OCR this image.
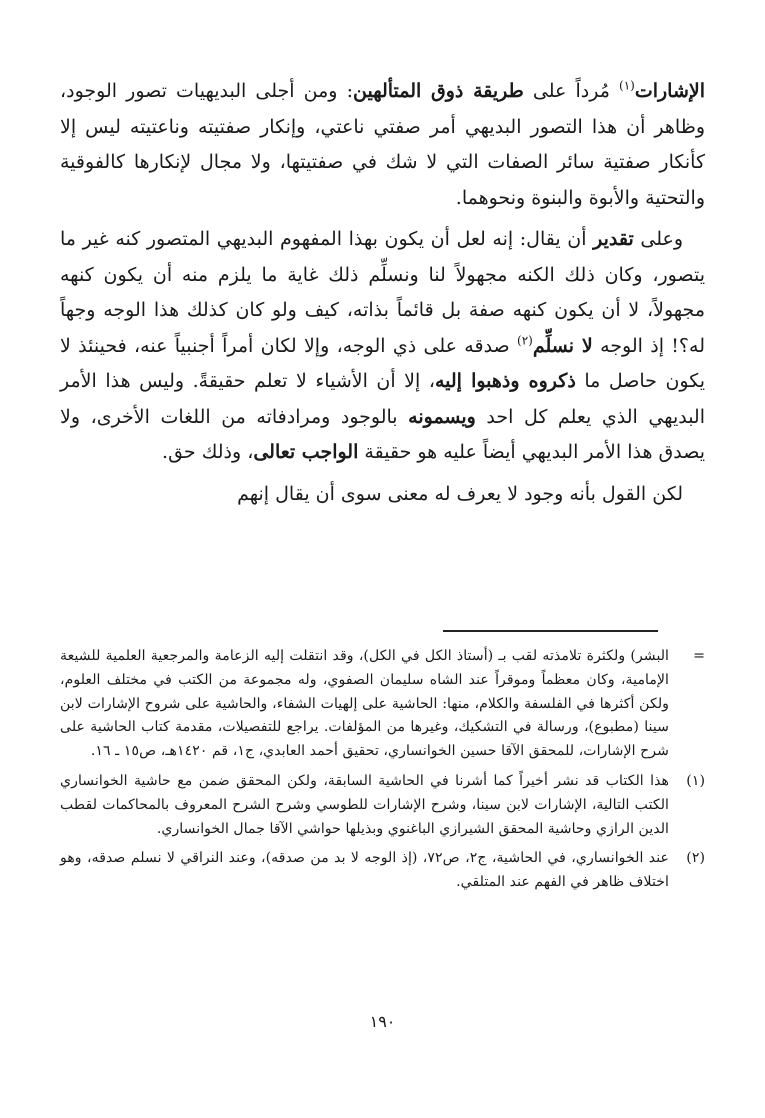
الإشارات$^{(١)}$ مُرداً على طريقة ذوق المتألهين: ومن أجلى البديهيات تصور الوجود، وظاهر أن هذا التصور البديهي أمر صفتي ناعتي، وإنكار صفتيته وناعتيته ليس إلا كأنكار صفتية سائر الصفات التي لا شك في صفتيتها، ولا مجال لإنكارها كالفوقية والتحتية والأبوة والبنوة ونحوهما.

وعلى تقدير أن يقال: إنه لعل أن يكون بهذا المفهوم البديهي المتصور كنه غير ما يتصور، وكان ذلك الكنه مجهولاً لنا ونسلِّم ذلك غاية ما يلزم منه أن يكون كنهه مجهولاً، لا أن يكون كنهه صفة بل قائماً بذاته، كيف ولو كان كذلك هذا الوجه وجهاً له؟! إذ الوجه لا نسلِّم$^{(٢)}$ صدقه على ذي الوجه، وإلا لكان أمراً أجنبياً عنه، فحينئذ لا يكون حاصل ما ذكروه وذهبوا إليه، إلا أن الأشياء لا تعلم حقيقةً. وليس هذا الأمر البديهي الذي يعلم كل احد ويسمونه بالوجود ومرادفاته من اللغات الأخرى، ولا يصدق هذا الأمر البديهي أيضاً عليه هو حقيقة الواجب تعالى، وذلك حق.

لكن القول بأنه وجود لا يعرف له معنى سوى أن يقال إنهم

=
البشر) ولكثرة تلامذته لقب بـ (أستاذ الكل في الكل)، وقد انتقلت إليه الزعامة والمرجعية العلمية للشيعة الإمامية، وكان معظماً وموقراً عند الشاه سليمان الصفوي، وله مجموعة من الكتب في مختلف العلوم، ولكن أكثرها في الفلسفة والكلام، منها: الحاشية على إلهيات الشفاء، والحاشية على شروح الإشارات لابن سينا (مطبوع)، ورسالة في التشكيك، وغيرها من المؤلفات. يراجع للتفصيلات، مقدمة كتاب الحاشية على شرح الإشارات، للمحقق الآقا حسين الخوانساري، تحقيق أحمد العابدي، ج١، قم ١٤٢٠هـ، ص١٥ ـ ١٦.
(١)
هذا الكتاب قد نشر أخيراً كما أشرنا في الحاشية السابقة، ولكن المحقق ضمن مع حاشية الخوانساري الكتب التالية، الإشارات لابن سينا، وشرح الإشارات للطوسي وشرح الشرح المعروف بالمحاكمات لقطب الدين الرازي وحاشية المحقق الشيرازي الباغنوي وبذيلها حواشي الآقا جمال الخوانساري.
(٢)
عند الخوانساري، في الحاشية، ج٢، ص٧٢، (إذ الوجه لا بد من صدقه)، وعند النراقي لا نسلم صدقه، وهو اختلاف ظاهر في الفهم عند المتلقي.
١٩٠
